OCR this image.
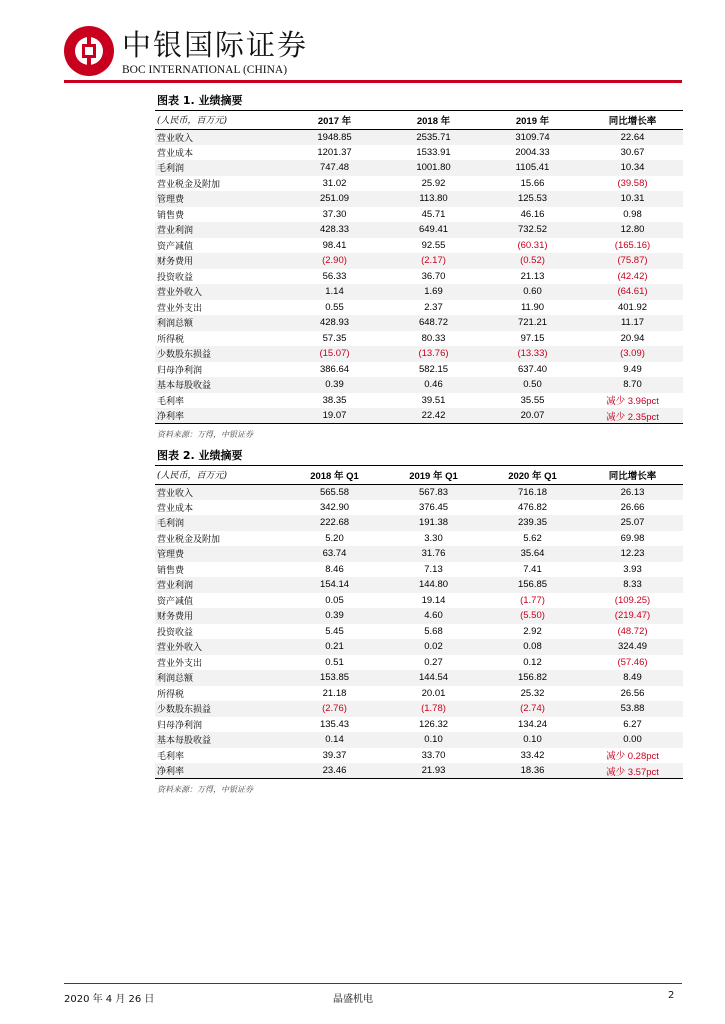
中银国际证券
BOC INTERNATIONAL (CHINA)
图表 1. 业绩摘要
(人民币，百万元)	2017 年	2018 年	2019 年	同比增长率
营业收入	1948.85	2535.71	3109.74	22.64
营业成本	1201.37	1533.91	2004.33	30.67
毛利润	747.48	1001.80	1105.41	10.34
营业税金及附加	31.02	25.92	15.66	(39.58)
管理费	251.09	113.80	125.53	10.31
销售费	37.30	45.71	46.16	0.98
营业利润	428.33	649.41	732.52	12.80
资产减值	98.41	92.55	(60.31)	(165.16)
财务费用	(2.90)	(2.17)	(0.52)	(75.87)
投资收益	56.33	36.70	21.13	(42.42)
营业外收入	1.14	1.69	0.60	(64.61)
营业外支出	0.55	2.37	11.90	401.92
利润总额	428.93	648.72	721.21	11.17
所得税	57.35	80.33	97.15	20.94
少数股东损益	(15.07)	(13.76)	(13.33)	(3.09)
归母净利润	386.64	582.15	637.40	9.49
基本每股收益	0.39	0.46	0.50	8.70
毛利率	38.35	39.51	35.55	减少 3.96pct
净利率	19.07	22.42	20.07	减少 2.35pct
资料来源：万得，中银证券
图表 2. 业绩摘要
(人民币，百万元)	2018 年 Q1	2019 年 Q1	2020 年 Q1	同比增长率
营业收入	565.58	567.83	716.18	26.13
营业成本	342.90	376.45	476.82	26.66
毛利润	222.68	191.38	239.35	25.07
营业税金及附加	5.20	3.30	5.62	69.98
管理费	63.74	31.76	35.64	12.23
销售费	8.46	7.13	7.41	3.93
营业利润	154.14	144.80	156.85	8.33
资产减值	0.05	19.14	(1.77)	(109.25)
财务费用	0.39	4.60	(5.50)	(219.47)
投资收益	5.45	5.68	2.92	(48.72)
营业外收入	0.21	0.02	0.08	324.49
营业外支出	0.51	0.27	0.12	(57.46)
利润总额	153.85	144.54	156.82	8.49
所得税	21.18	20.01	25.32	26.56
少数股东损益	(2.76)	(1.78)	(2.74)	53.88
归母净利润	135.43	126.32	134.24	6.27
基本每股收益	0.14	0.10	0.10	0.00
毛利率	39.37	33.70	33.42	减少 0.28pct
净利率	23.46	21.93	18.36	减少 3.57pct
资料来源：万得，中银证券
2020 年 4 月 26 日	晶盛机电	2
